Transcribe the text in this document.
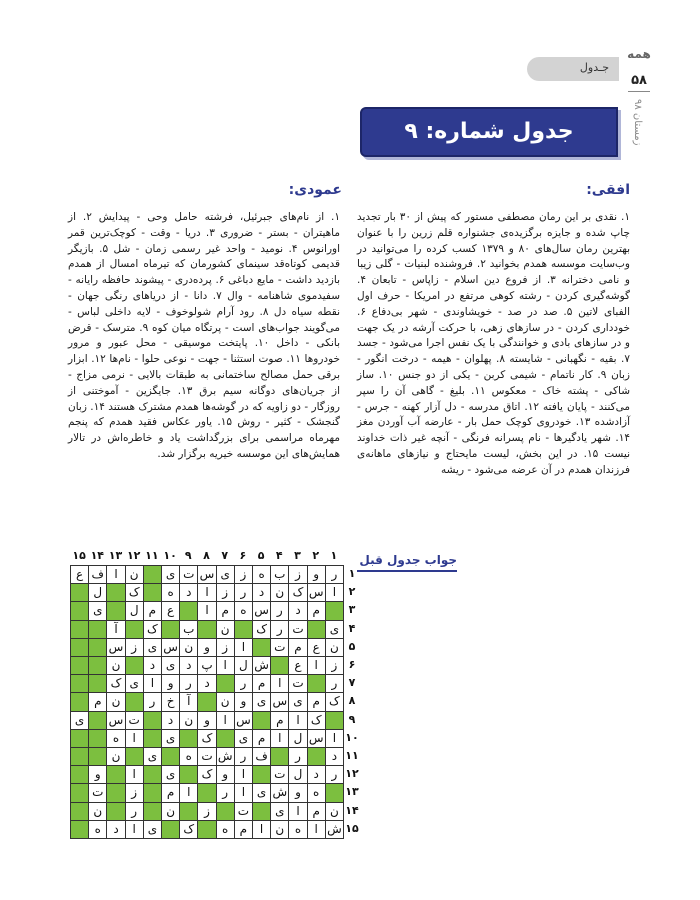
جـدول
همه
۵۸
زمستان ۹۸
جدول شماره: ۹
افقی:
عمودی:
۱. نقدی بر این رمان مصطفی مستور که پیش از ۳۰ بار تجدید چاپ شده و جایزه برگزیده‌ی جشنواره قلم زرین را با عنوان بهترین رمان سال‌های ۸۰ و ۱۳۷۹ کسب کرده را می‌توانید در وب‌سایت موسسه همدم بخوانید ۲. فروشنده لبنیات - گلی زیبا و نامی دخترانه ۳. از فروع دین اسلام - زاپاس - تابعان ۴. گوشه‌گیری کردن - رشته کوهی مرتفع در امریکا - حرف اول الفبای لاتین ۵. صد در صد - خویشاوندی - شهر بی‌دفاع ۶. خودداری کردن - در سازهای زهی، با حرکت آرشه در یک جهت و در سازهای بادی و خوانندگی با یک نفس اجرا می‌شود - جسد ۷. بقیه - نگهبانی - شایسته ۸. پهلوان - هیمه - درخت انگور - زبان ۹. کار ناتمام - شیمی کربن - یکی از دو جنس ۱۰. ساز شاکی - پشته خاک - معکوس ۱۱. بلیغ - گاهی آن را سپر می‌کنند - پایان یافته ۱۲. اتاق مدرسه - دل آزار کهنه - جرس - آزادشده ۱۳. خودروی کوچک حمل بار - عارضه آب آوردن مغز ۱۴. شهر یادگیرها - نام پسرانه فرنگی - آنچه غیر ذات خداوند نیست ۱۵. در این بخش، لیست مایحتاج و نیازهای ماهانه‌ی فرزندان همدم در آن عرضه می‌شود - ریشه
۱. از نام‌های جبرئیل، فرشته حامل وحی - پیدایش ۲. از ماهیتران - بستر - ضروری ۳. دریا - وقت - کوچک‌ترین قمر اورانوس ۴. نومید - واحد غیر رسمی زمان - شل ۵. بازیگر قدیمی کوتاه‌قد سینمای کشورمان که تیرماه امسال از همدم بازدید داشت - مایع دباغی ۶. پرده‌دری - پیشوند حافظه رایانه - سفیدموی شاهنامه - وال ۷. دانا - از دریاهای رنگی جهان - نقطه سیاه دل ۸. رود آرام شولوخوف - لایه داخلی لباس - می‌گویند جواب‌های است - پرتگاه میان کوه ۹. مترسک - قرض بانکی - داخل ۱۰. پایتخت موسیقی - محل عبور و مرور خودروها ۱۱. صوت استثنا - جهت - نوعی حلوا - نام‌ها ۱۲. ابزار برقی حمل مصالح ساختمانی به طبقات بالایی - نرمی مزاج - از جریان‌های دوگانه سیم برق ۱۳. جایگزین - آموختنی از روزگار - دو زاویه که در گوشه‌ها همدم مشترک هستند ۱۴. زبان گنجشک - کثیر - روش ۱۵. یاور عکاس فقید همدم که پنجم مهرماه مراسمی برای بزرگداشت یاد و خاطره‌اش در تالار همایش‌های این موسسه خیریه برگزار شد.
جواب جدول قبل
۱
۲
۳
۴
۵
۶
۷
۸
۹
۱۰
۱۱
۱۲
۱۳
۱۴
۱۵
۱
ر
و
ز
ب
ه
ز
ی
س
ت
ی
ن
ا
ف
ع
۲
ا
س
ک
ن
د
ر
ز
ا
د
ه
ک
ل
۳
م
د
ر
س
ه
م
ا
ع
م
ل
ی
۴
ی
ت
ر
ک
ن
ب
ک
آ
۵
ن
ع
م
ت
ا
ز
و
ن
س
ی
ز
س
۶
ز
ا
ع
ش
ل
ا
پ
د
ی
د
ن
۷
ر
ت
ا
م
ر
د
ر
و
ا
ی
ک
۸
ک
م
ی
س
ی
و
ن
آ
خ
ر
ن
م
۹
ک
ا
م
س
ا
و
ن
د
ت
س
ی
۱۰
ا
س
ل
ا
م
ی
ک
ی
ا
ه
۱۱
د
ر
ف
ر
ش
ت
ه
ی
ن
۱۲
ر
د
ل
ت
ا
و
ک
ی
ا
و
۱۳
ه
و
ش
ی
ا
ر
ا
م
ز
ت
۱۴
ن
م
ا
ی
ت
ز
ن
ر
ن
۱۵
ش
ا
ه
ن
ا
م
ه
ک
ی
ا
د
ه
